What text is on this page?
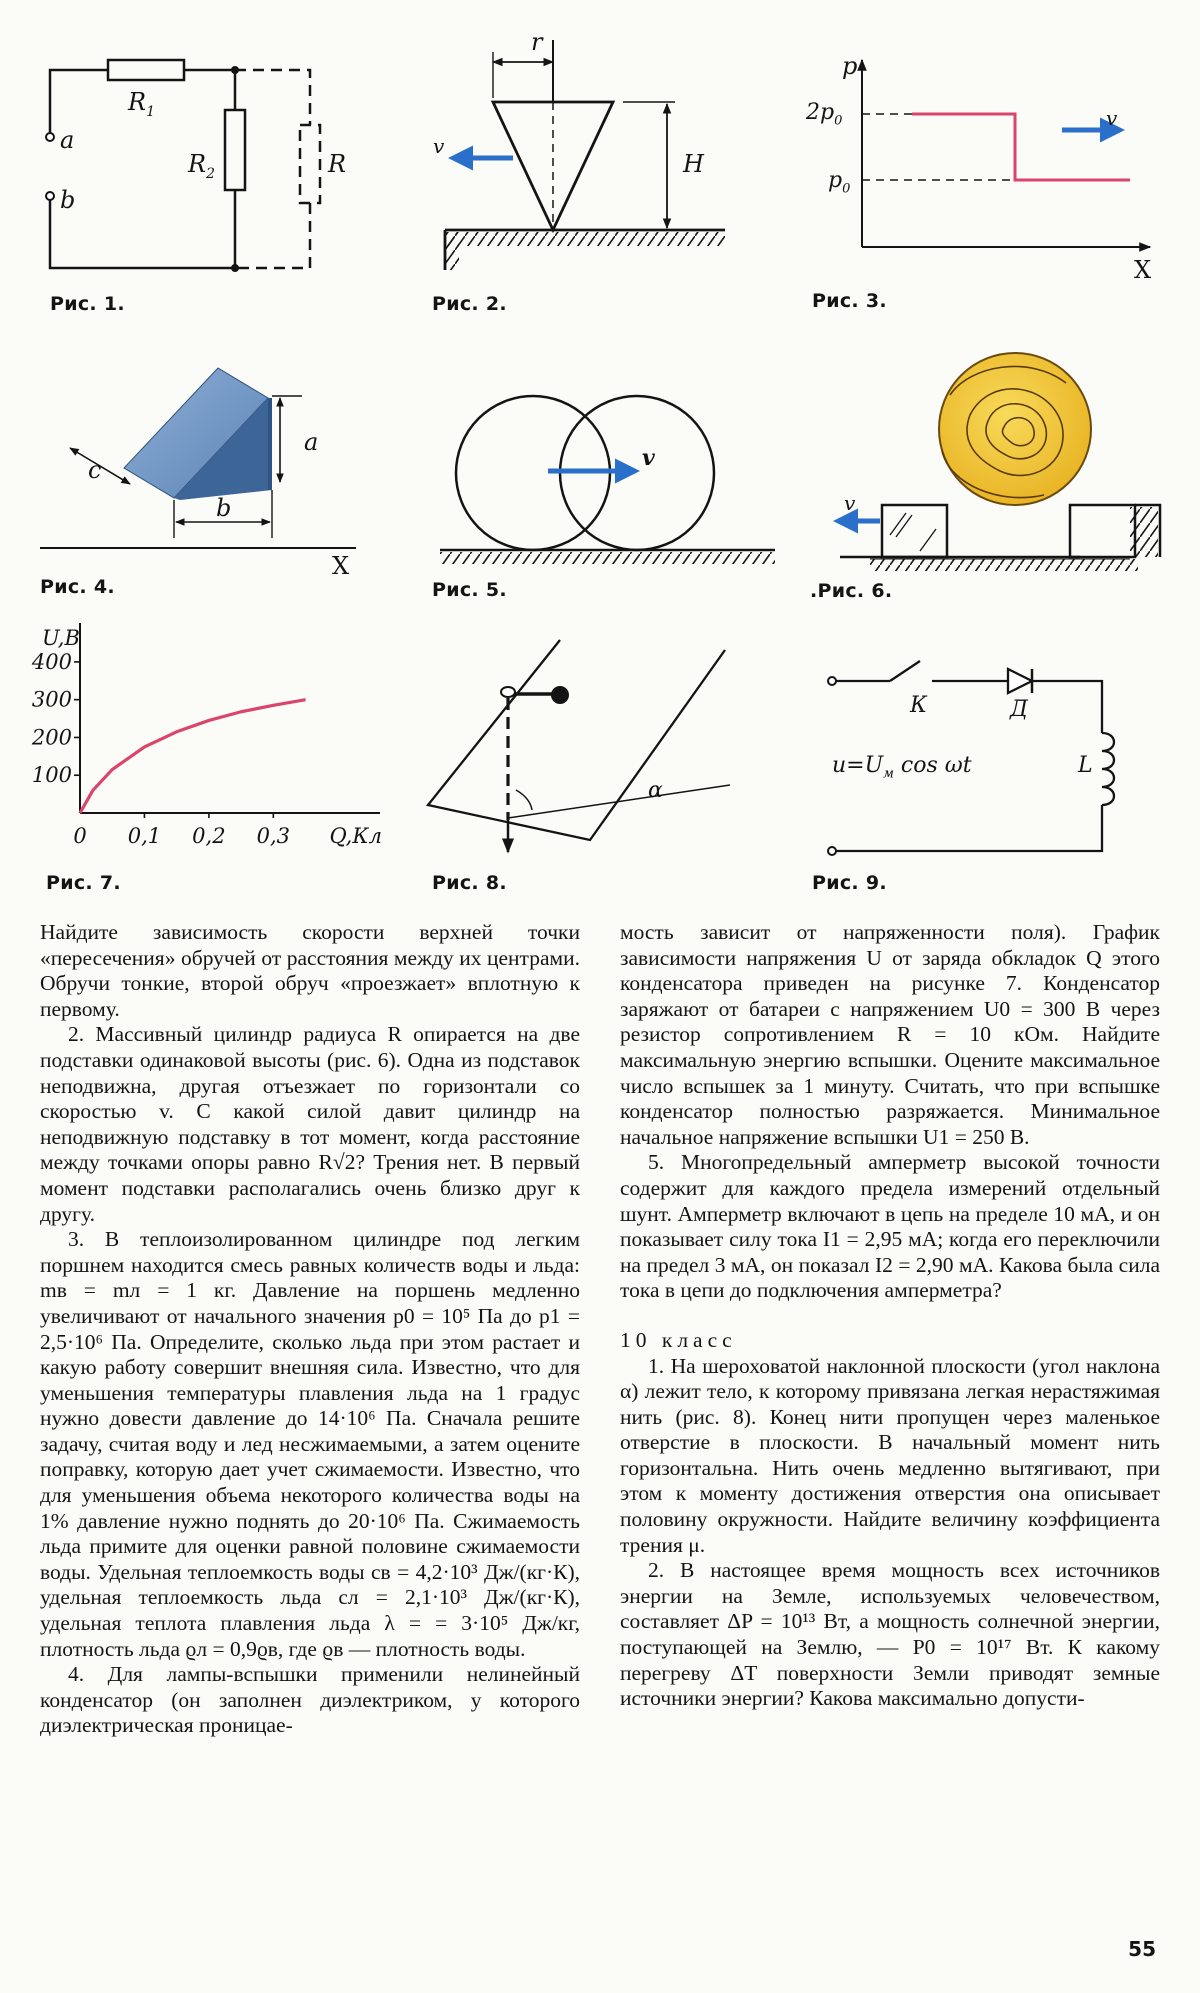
$R_1$
$R_2$	R
a
b
Рис. 1.
r
H
v
Рис. 2.
p
$2p_0$
$p_0$
v
X
Рис. 3.
a
b
c
X
Рис. 4.
v
Рис. 5.
v
.Рис. 6.
100
200
300
400
0 0,1 0,2 0,3
U,В
Q,Кл
Рис. 7.
α
Рис. 8.
К	Д
L
$u=U_м$ cos ωt
Рис. 9.

Найдите зависимость скорости верхней точки «пересечения» обручей от расстояния между их центрами. Обручи тонкие, второй обруч «проезжает» вплотную к первому.

2. Массивный цилиндр радиуса R опирается на две подставки одинаковой высоты (рис. 6). Одна из подставок неподвижна, другая отъезжает по горизонтали со скоростью v. С какой силой давит цилиндр на неподвижную подставку в тот момент, когда расстояние между точками опоры равно R√2? Трения нет. В первый момент подставки располагались очень близко друг к другу.

3. В теплоизолированном цилиндре под легким поршнем находится смесь равных количеств воды и льда: mв = mл = 1 кг. Давление на поршень медленно увеличивают от начального значения p0 = 10⁵ Па до p1 = 2,5·10⁶ Па. Определите, сколько льда при этом растает и какую работу совершит внешняя сила. Известно, что для уменьшения температуры плавления льда на 1 градус нужно довести давление до 14·10⁶ Па. Сначала решите задачу, считая воду и лед несжимаемыми, а затем оцените поправку, которую дает учет сжимаемости. Известно, что для уменьшения объема некоторого количества воды на 1% давление нужно поднять до 20·10⁶ Па. Сжимаемость льда примите для оценки равной половине сжимаемости воды. Удельная теплоемкость воды cв = 4,2·10³ Дж/(кг·К), удельная теплоемкость льда cл = 2,1·10³ Дж/(кг·К), удельная теплота плавления льда λ = = 3·10⁵ Дж/кг, плотность льда ϱл = 0,9ϱв, где ϱв — плотность воды.

4. Для лампы-вспышки применили нелинейный конденсатор (он заполнен диэлектриком, у которого диэлектрическая проницае-

мость зависит от напряженности поля). График зависимости напряжения U от заряда обкладок Q этого конденсатора приведен на рисунке 7. Конденсатор заряжают от батареи с напряжением U0 = 300 В через резистор сопротивлением R = 10 кОм. Найдите максимальную энергию вспышки. Оцените максимальное число вспышек за 1 минуту. Считать, что при вспышке конденсатор полностью разряжается. Минимальное начальное напряжение вспышки U1 = 250 В.

5. Многопредельный амперметр высокой точности содержит для каждого предела измерений отдельный шунт. Амперметр включают в цепь на пределе 10 мА, и он показывает силу тока I1 = 2,95 мА; когда его переключили на предел 3 мА, он показал I2 = 2,90 мА. Какова была сила тока в цепи до подключения амперметра?

10 класс

1. На шероховатой наклонной плоскости (угол наклона α) лежит тело, к которому привязана легкая нерастяжимая нить (рис. 8). Конец нити пропущен через маленькое отверстие в плоскости. В начальный момент нить горизонтальна. Нить очень медленно вытягивают, при этом к моменту достижения отверстия она описывает половину окружности. Найдите величину коэффициента трения μ.

2. В настоящее время мощность всех источников энергии на Земле, используемых человечеством, составляет ΔP = 10¹³ Вт, а мощность солнечной энергии, поступающей на Землю, — P0 = 10¹⁷ Вт. К какому перегреву ΔT поверхности Земли приводят земные источники энергии? Какова максимально допусти-

55
